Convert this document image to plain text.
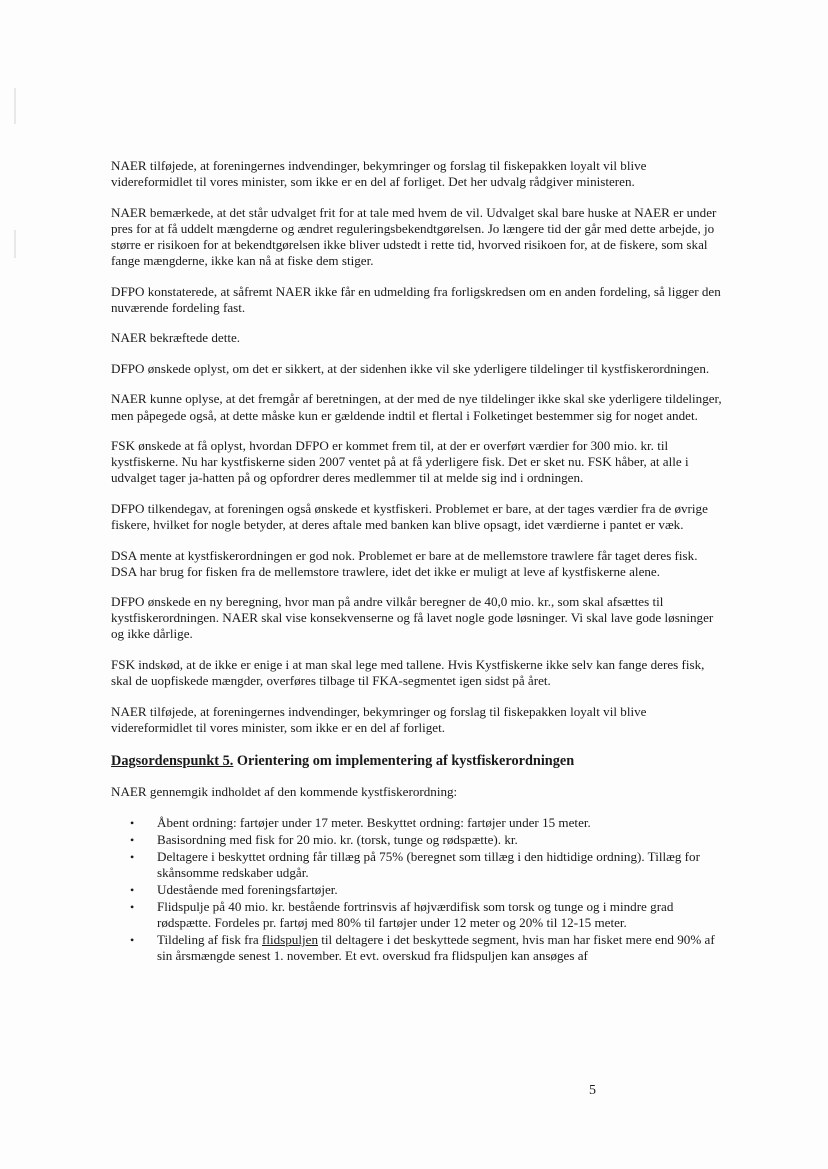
NAER tilføjede, at foreningernes indvendinger, bekymringer og forslag til fiskepakken loyalt vil blive videreformidlet til vores minister, som ikke er en del af forliget. Det her udvalg rådgiver ministeren.

NAER bemærkede, at det står udvalget frit for at tale med hvem de vil. Udvalget skal bare huske at NAER er under pres for at få uddelt mængderne og ændret reguleringsbekendtgørelsen. Jo længere tid der går med dette arbejde, jo større er risikoen for at bekendtgørelsen ikke bliver udstedt i rette tid, hvorved risikoen for, at de fiskere, som skal fange mængderne, ikke kan nå at fiske dem stiger.

DFPO konstaterede, at såfremt NAER ikke får en udmelding fra forligskredsen om en anden fordeling, så ligger den nuværende fordeling fast.

NAER bekræftede dette.

DFPO ønskede oplyst, om det er sikkert, at der sidenhen ikke vil ske yderligere tildelinger til kystfiskerordningen.

NAER kunne oplyse, at det fremgår af beretningen, at der med de nye tildelinger ikke skal ske yderligere tildelinger, men påpegede også, at dette måske kun er gældende indtil et flertal i Folketinget bestemmer sig for noget andet.

FSK ønskede at få oplyst, hvordan DFPO er kommet frem til, at der er overført værdier for 300 mio. kr. til kystfiskerne. Nu har kystfiskerne siden 2007 ventet på at få yderligere fisk. Det er sket nu. FSK håber, at alle i udvalget tager ja-hatten på og opfordrer deres medlemmer til at melde sig ind i ordningen.

DFPO tilkendegav, at foreningen også ønskede et kystfiskeri. Problemet er bare, at der tages værdier fra de øvrige fiskere, hvilket for nogle betyder, at deres aftale med banken kan blive opsagt, idet værdierne i pantet er væk.

DSA mente at kystfiskerordningen er god nok. Problemet er bare at de mellemstore trawlere får taget deres fisk. DSA har brug for fisken fra de mellemstore trawlere, idet det ikke er muligt at leve af kystfiskerne alene.

DFPO ønskede en ny beregning, hvor man på andre vilkår beregner de 40,0 mio. kr., som skal afsættes til kystfiskerordningen. NAER skal vise konsekvenserne og få lavet nogle gode løsninger. Vi skal lave gode løsninger og ikke dårlige.

FSK indskød, at de ikke er enige i at man skal lege med tallene. Hvis Kystfiskerne ikke selv kan fange deres fisk, skal de uopfiskede mængder, overføres tilbage til FKA-segmentet igen sidst på året.

NAER tilføjede, at foreningernes indvendinger, bekymringer og forslag til fiskepakken loyalt vil blive videreformidlet til vores minister, som ikke er en del af forliget.

Dagsordenspunkt 5. Orientering om implementering af kystfiskerordningen

NAER gennemgik indholdet af den kommende kystfiskerordning:

• Åbent ordning: fartøjer under 17 meter. Beskyttet ordning: fartøjer under 15 meter.
• Basisordning med fisk for 20 mio. kr. (torsk, tunge og rødspætte). kr.
• Deltagere i beskyttet ordning får tillæg på 75% (beregnet som tillæg i den hidtidige ordning). Tillæg for skånsomme redskaber udgår.
• Udestående med foreningsfartøjer.
• Flidspulje på 40 mio. kr. bestående fortrinsvis af højværdifisk som torsk og tunge og i mindre grad rødspætte. Fordeles pr. fartøj med 80% til fartøjer under 12 meter og 20% til 12-15 meter.
• Tildeling af fisk fra flidspuljen til deltagere i det beskyttede segment, hvis man har fisket mere end 90% af sin årsmængde senest 1. november. Et evt. overskud fra flidspuljen kan ansøges af
5
